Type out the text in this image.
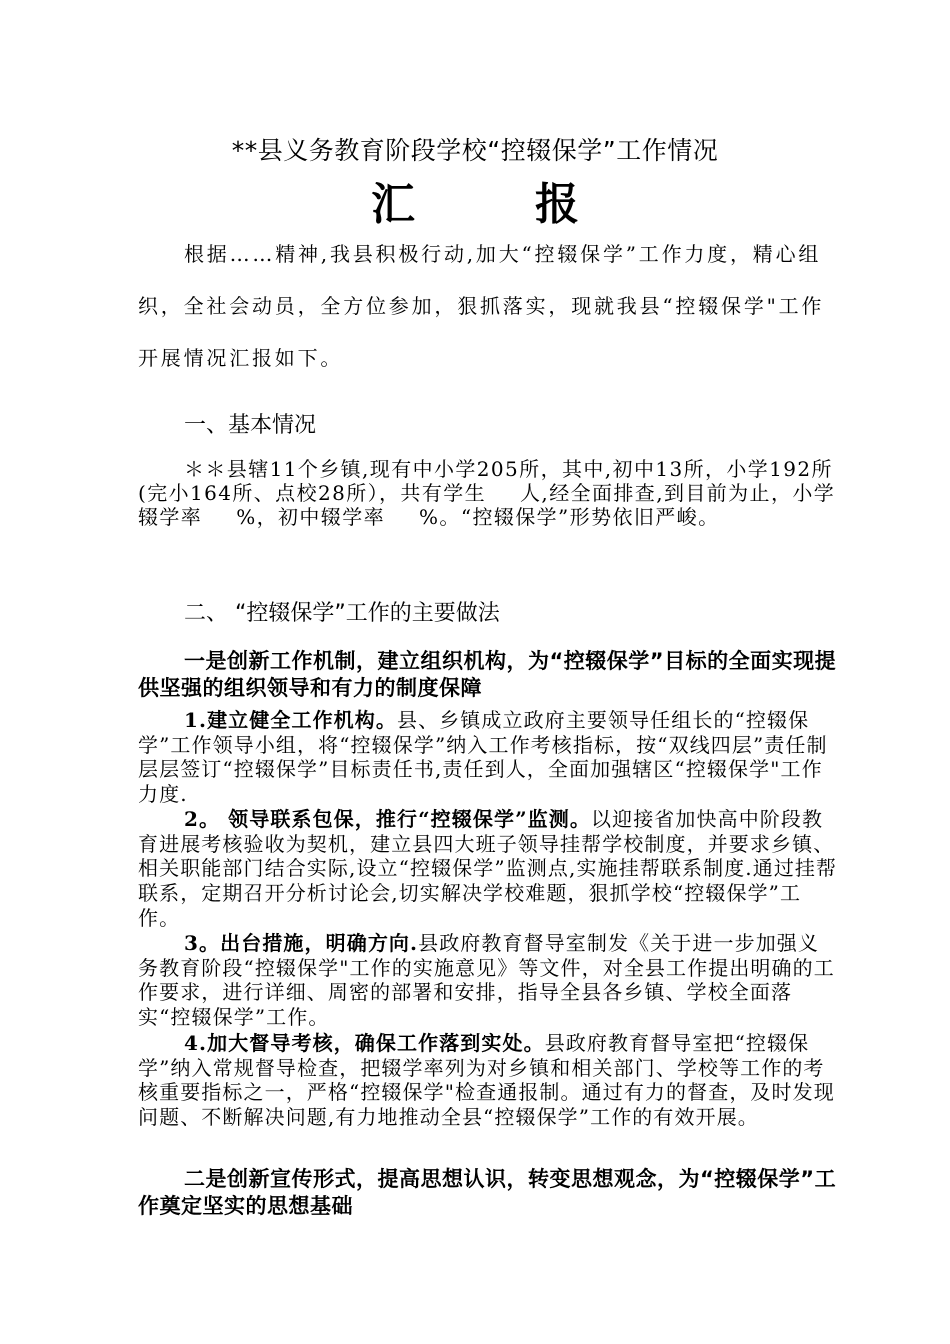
**县义务教育阶段学校“控辍保学”工作情况
汇	报
根据……精神,我县积极行动,加大“控辍保学”工作力度，精心组织，全社会动员，全方位参加，狠抓落实，现就我县“控辍保学"工作开展情况汇报如下。
一、基本情况
＊＊县辖11个乡镇,现有中小学205所，其中,初中13所，小学192所(完小164所、点校28所），共有学生 人,经全面排查,到目前为止，小学辍学率 %，初中辍学率 %。“控辍保学”形势依旧严峻。
二、 “控辍保学”工作的主要做法
一是创新工作机制，建立组织机构，为“控辍保学”目标的全面实现提供坚强的组织领导和有力的制度保障
1.建立健全工作机构。县、乡镇成立政府主要领导任组长的“控辍保学”工作领导小组，将“控辍保学”纳入工作考核指标，按“双线四层”责任制层层签订“控辍保学”目标责任书,责任到人，全面加强辖区“控辍保学"工作力度.
2。 领导联系包保，推行“控辍保学”监测。以迎接省加快高中阶段教育进展考核验收为契机，建立县四大班子领导挂帮学校制度，并要求乡镇、相关职能部门结合实际,设立“控辍保学”监测点,实施挂帮联系制度.通过挂帮联系，定期召开分析讨论会,切实解决学校难题，狠抓学校“控辍保学”工作。
3。出台措施，明确方向.县政府教育督导室制发《关于进一步加强义务教育阶段“控辍保学"工作的实施意见》等文件，对全县工作提出明确的工作要求，进行详细、周密的部署和安排，指导全县各乡镇、学校全面落实“控辍保学”工作。
4.加大督导考核，确保工作落到实处。县政府教育督导室把“控辍保学”纳入常规督导检查，把辍学率列为对乡镇和相关部门、学校等工作的考核重要指标之一，严格“控辍保学"检查通报制。通过有力的督查，及时发现问题、不断解决问题,有力地推动全县“控辍保学”工作的有效开展。
二是创新宣传形式，提高思想认识，转变思想观念，为“控辍保学”工作奠定坚实的思想基础
